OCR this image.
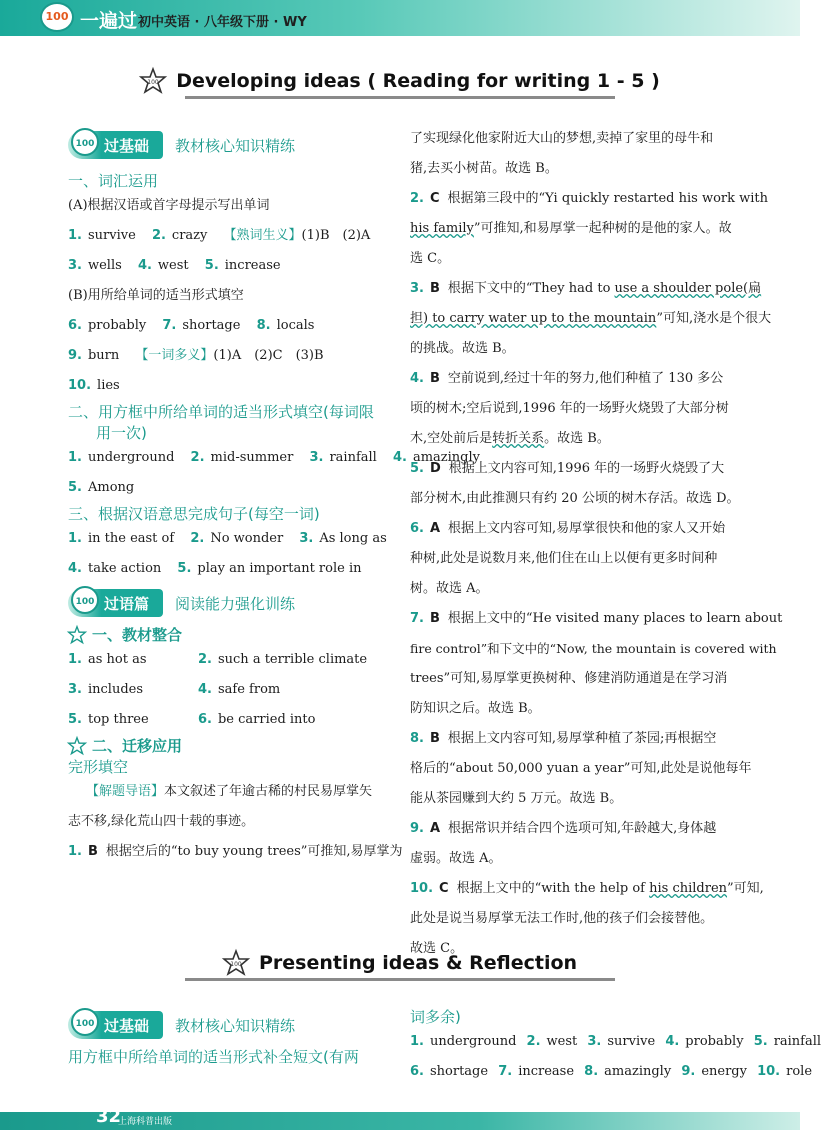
100 一遍过 初中英语 · 八年级下册 · WY
100 Developing ideas ( Reading for writing 1 - 5 )
100 过基础 教材核心知识精练

一、词汇运用

(A)根据汉语或首字母提示写出单词

1. survive 2. crazy 【熟词生义】(1)B　(2)A

3. wells 4. west 5. increase

(B)用所给单词的适当形式填空

6. probably 7. shortage 8. locals

9. burn 【一词多义】(1)A　(2)C　(3)B

10. lies

二、用方框中所给单词的适当形式填空(每词限

用一次)

1. underground 2. mid-summer 3. rainfall 4. amazingly

5. Among

三、根据汉语意思完成句子(每空一词)

1. in the east of 2. No wonder 3. As long as

4. take action 5. play an important role in

100 过语篇 阅读能力强化训练

一、教材整合

1. as hot as	2. such a terrible climate

3. includes	4. safe from

5. top three	6. be carried into

二、迁移应用

完形填空

【解题导语】本文叙述了年逾古稀的村民易厚掌矢

志不移,绿化荒山四十载的事迹。

1. B 根据空后的“to buy young trees”可推知,易厚掌为

了实现绿化他家附近大山的梦想,卖掉了家里的母牛和

猪,去买小树苗。故选 B。

2. C 根据第三段中的“Yi quickly restarted his work with

his family”可推知,和易厚掌一起种树的是他的家人。故

选 C。

3. B 根据下文中的“They had to use a shoulder pole(扁

担) to carry water up to the mountain”可知,浇水是个很大

的挑战。故选 B。

4. B 空前说到,经过十年的努力,他们种植了 130 多公

顷的树木;空后说到,1996 年的一场野火烧毁了大部分树

木,空处前后是转折关系。故选 B。

5. D 根据上文内容可知,1996 年的一场野火烧毁了大

部分树木,由此推测只有约 20 公顷的树木存活。故选 D。

6. A 根据上文内容可知,易厚掌很快和他的家人又开始

种树,此处是说数月来,他们住在山上以便有更多时间种

树。故选 A。

7. B 根据上文中的“He visited many places to learn about

fire control”和下文中的“Now, the mountain is covered with

trees”可知,易厚掌更换树种、修建消防通道是在学习消

防知识之后。故选 B。

8. B 根据上文内容可知,易厚掌种植了茶园;再根据空

格后的“about 50,000 yuan a year”可知,此处是说他每年

能从茶园赚到大约 5 万元。故选 B。

9. A 根据常识并结合四个选项可知,年龄越大,身体越

虚弱。故选 A。

10. C 根据上文中的“with the help of his children”可知,

此处是说当易厚掌无法工作时,他的孩子们会接替他。

故选 C。

100 Presenting ideas & Reflection
100 过基础 教材核心知识精练

用方框中所给单词的适当形式补全短文(有两

词多余)

1. underground 2. west 3. survive 4. probably 5. rainfall

6. shortage 7. increase 8. amazingly 9. energy 10. role

32
上海科普出版
